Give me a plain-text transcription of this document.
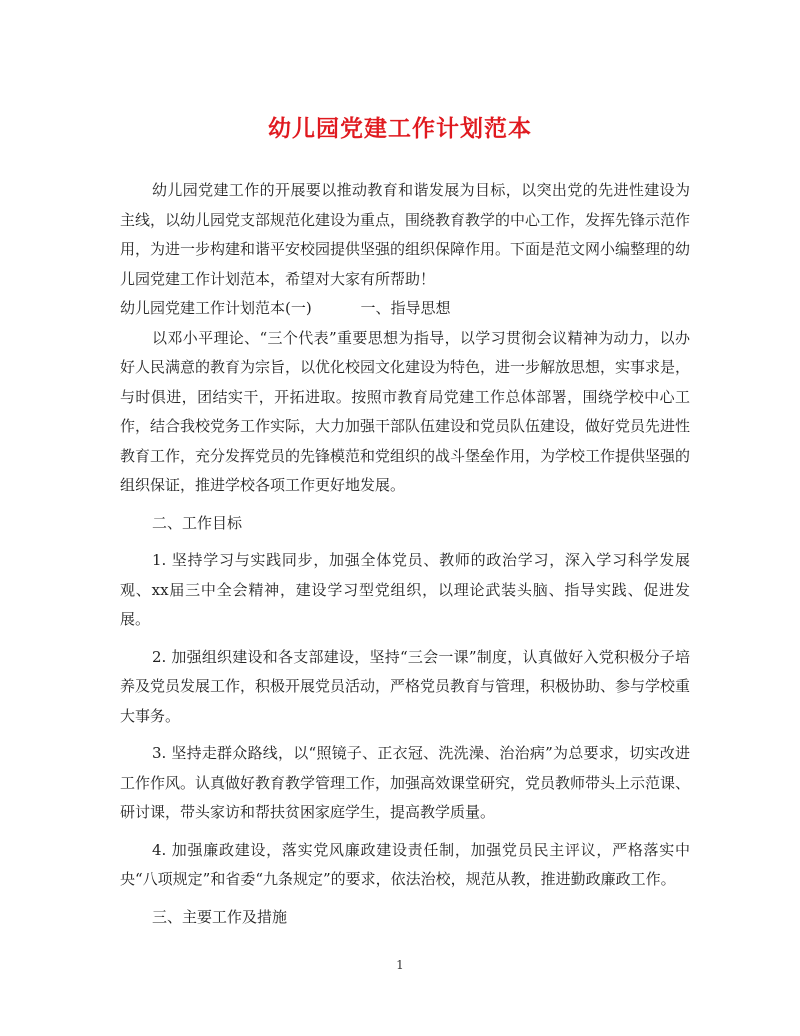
幼儿园党建工作计划范本

幼儿园党建工作的开展要以推动教育和谐发展为目标，以突出党的先进性建设为主线，以幼儿园党支部规范化建设为重点，围绕教育教学的中心工作，发挥先锋示范作用，为进一步构建和谐平安校园提供坚强的组织保障作用。下面是范文网小编整理的幼儿园党建工作计划范本，希望对大家有所帮助！

幼儿园党建工作计划范本(一)	一、指导思想

以邓小平理论、“三个代表”重要思想为指导，以学习贯彻会议精神为动力，以办好人民满意的教育为宗旨，以优化校园文化建设为特色，进一步解放思想，实事求是，与时俱进，团结实干，开拓进取。按照市教育局党建工作总体部署，围绕学校中心工作，结合我校党务工作实际，大力加强干部队伍建设和党员队伍建设，做好党员先进性教育工作，充分发挥党员的先锋模范和党组织的战斗堡垒作用，为学校工作提供坚强的组织保证，推进学校各项工作更好地发展。

二、工作目标

1. 坚持学习与实践同步，加强全体党员、教师的政治学习，深入学习科学发展观、xx届三中全会精神，建设学习型党组织，以理论武装头脑、指导实践、促进发展。

2. 加强组织建设和各支部建设，坚持“三会一课”制度，认真做好入党积极分子培养及党员发展工作，积极开展党员活动，严格党员教育与管理，积极协助、参与学校重大事务。

3. 坚持走群众路线，以“照镜子、正衣冠、洗洗澡、治治病”为总要求，切实改进工作作风。认真做好教育教学管理工作，加强高效课堂研究，党员教师带头上示范课、研讨课，带头家访和帮扶贫困家庭学生，提高教学质量。

4. 加强廉政建设，落实党风廉政建设责任制，加强党员民主评议，严格落实中央“八项规定”和省委“九条规定”的要求，依法治校，规范从教，推进勤政廉政工作。

三、主要工作及措施

1
